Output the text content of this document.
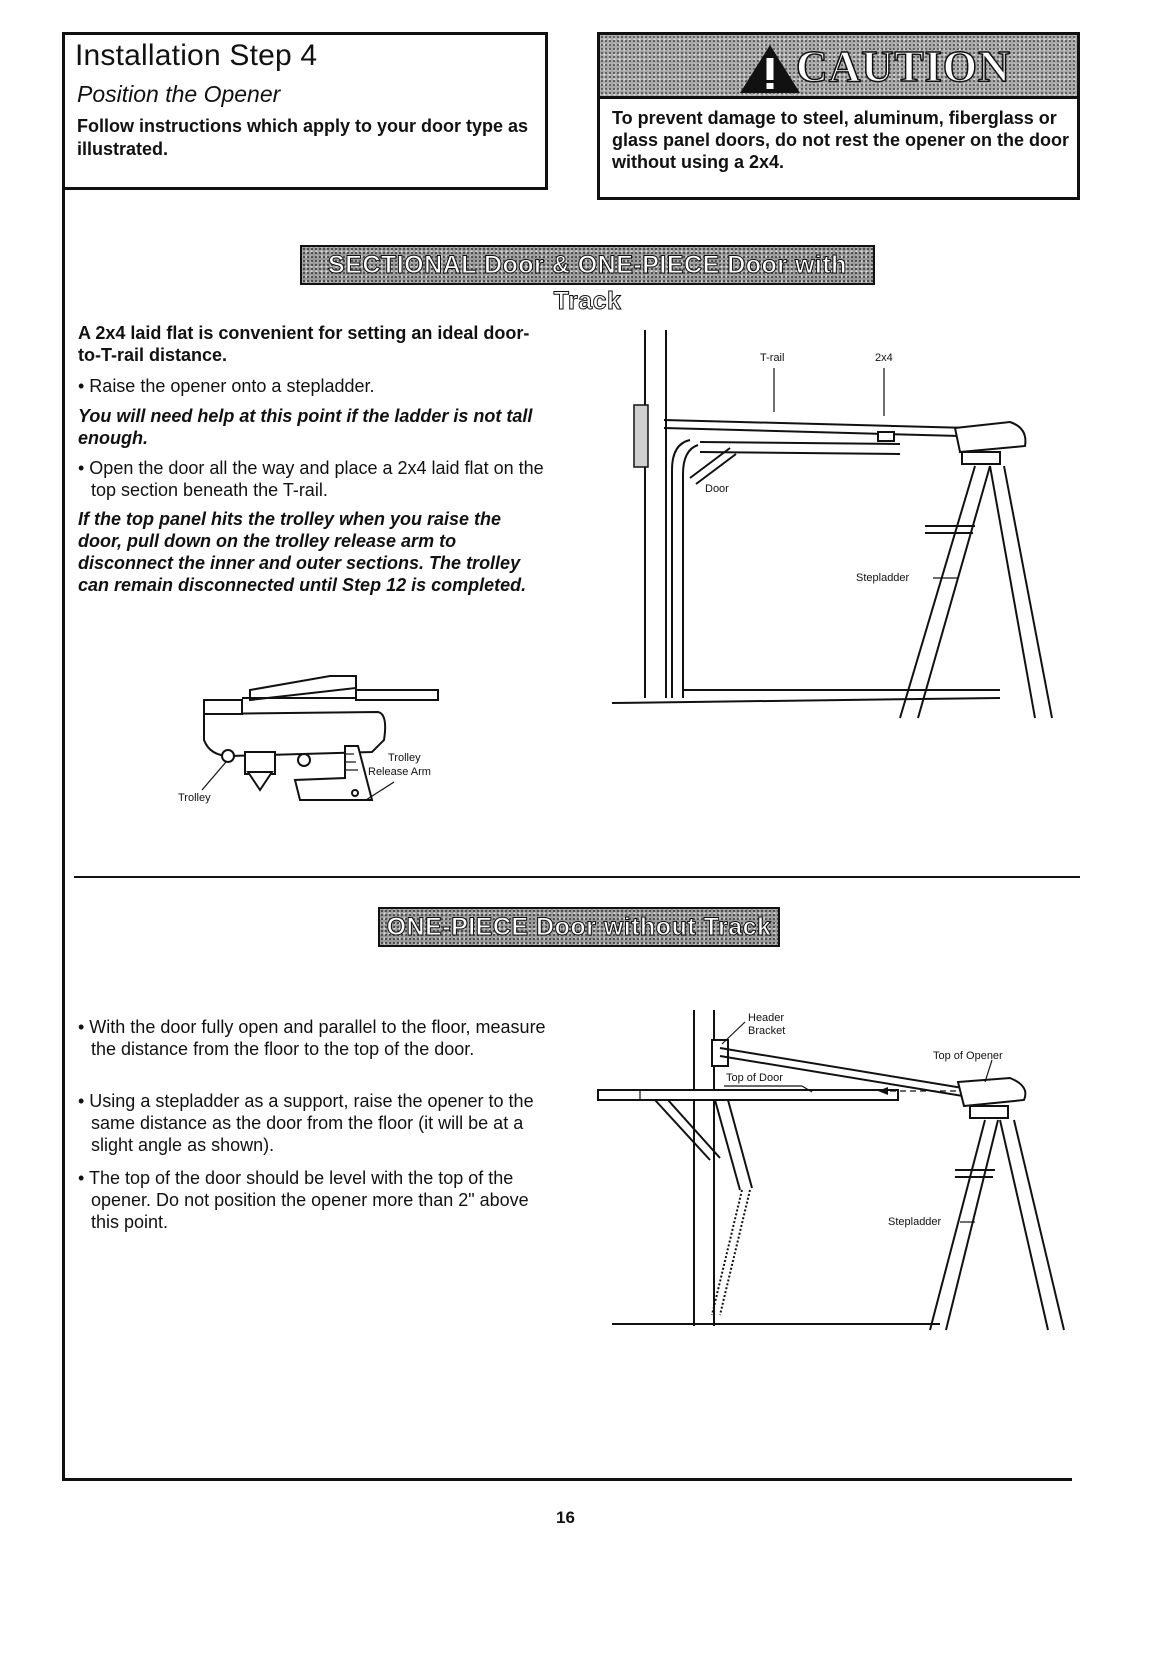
Installation Step 4
Position the Opener
Follow instructions which apply to your door type as illustrated.
CAUTION
To prevent damage to steel, aluminum, fiberglass or glass panel doors, do not rest the opener on the door without using a 2x4.
SECTIONAL Door & ONE-PIECE Door with Track
A 2x4 laid flat is convenient for setting an ideal door-to-T-rail distance.
• Raise the opener onto a stepladder.
You will need help at this point if the ladder is not tall enough.
• Open the door all the way and place a 2x4 laid flat on the top section beneath the T-rail.
If the top panel hits the trolley when you raise the door, pull down on the trolley release arm to disconnect the inner and outer sections. The trolley can remain disconnected until Step 12 is completed.
T-rail	2x4
Door
Stepladder
Trolley
Trolley
Release Arm
ONE-PIECE Door without Track
• With the door fully open and parallel to the floor, measure the distance from the floor to the top of the door.
• Using a stepladder as a support, raise the opener to the same distance as the door from the floor (it will be at a slight angle as shown).
• The top of the door should be level with the top of the opener. Do not position the opener more than 2" above this point.
Header
Bracket
Top of Opener
Top of Door
Stepladder
16
